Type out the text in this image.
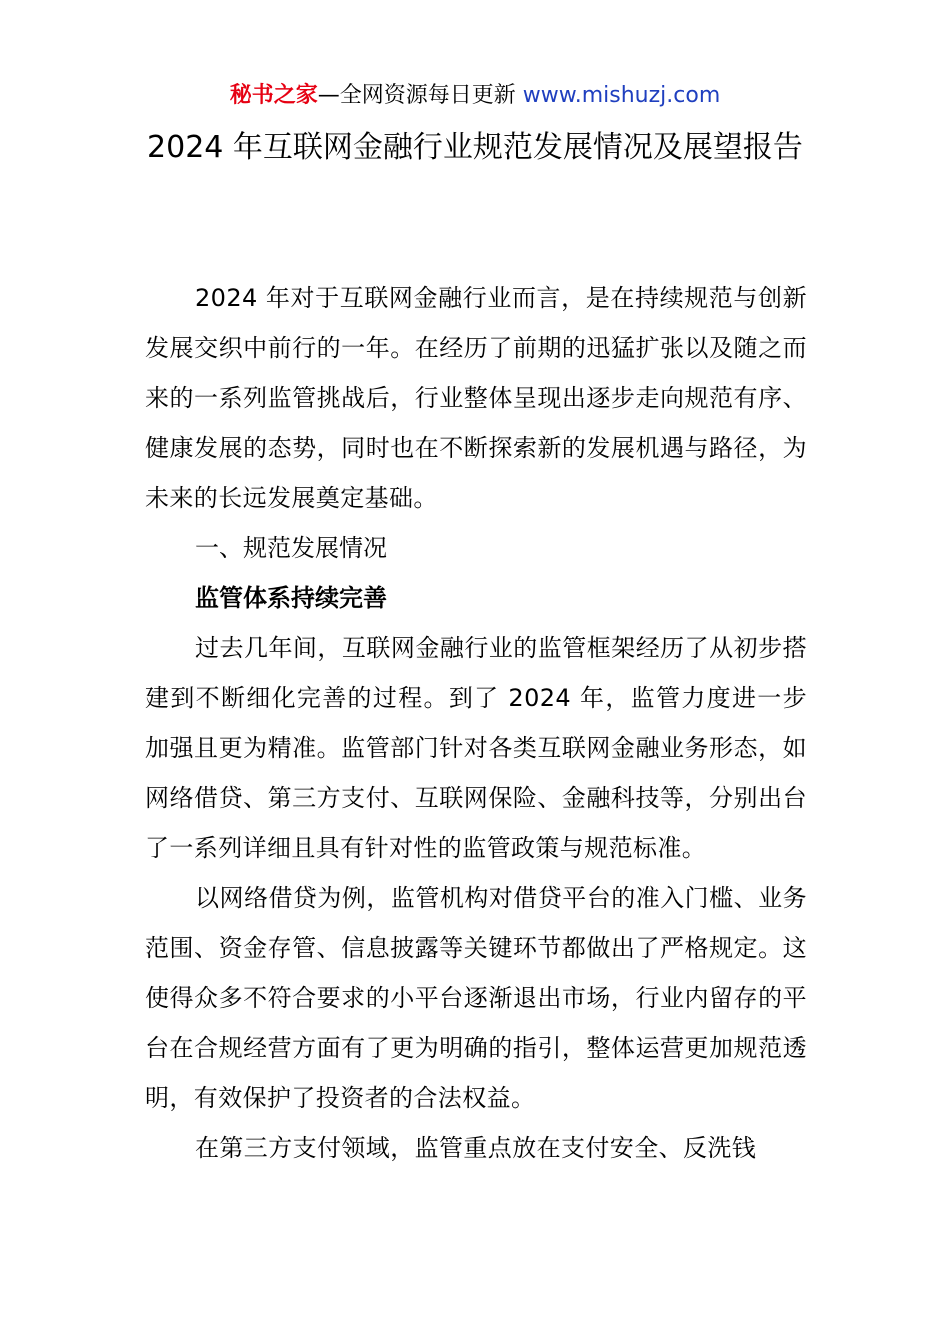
秘书之家—全网资源每日更新 www.mishuzj.com
2024 年互联网金融行业规范发展情况及展望报告

2024 年对于互联网金融行业而言，是在持续规范与创新发展交织中前行的一年。在经历了前期的迅猛扩张以及随之而来的一系列监管挑战后，行业整体呈现出逐步走向规范有序、健康发展的态势，同时也在不断探索新的发展机遇与路径，为未来的长远发展奠定基础。

一、规范发展情况

监管体系持续完善

过去几年间，互联网金融行业的监管框架经历了从初步搭建到不断细化完善的过程。到了 2024 年，监管力度进一步加强且更为精准。监管部门针对各类互联网金融业务形态，如网络借贷、第三方支付、互联网保险、金融科技等，分别出台了一系列详细且具有针对性的监管政策与规范标准。

以网络借贷为例，监管机构对借贷平台的准入门槛、业务范围、资金存管、信息披露等关键环节都做出了严格规定。这使得众多不符合要求的小平台逐渐退出市场，行业内留存的平台在合规经营方面有了更为明确的指引，整体运营更加规范透明，有效保护了投资者的合法权益。

在第三方支付领域，监管重点放在支付安全、反洗钱
